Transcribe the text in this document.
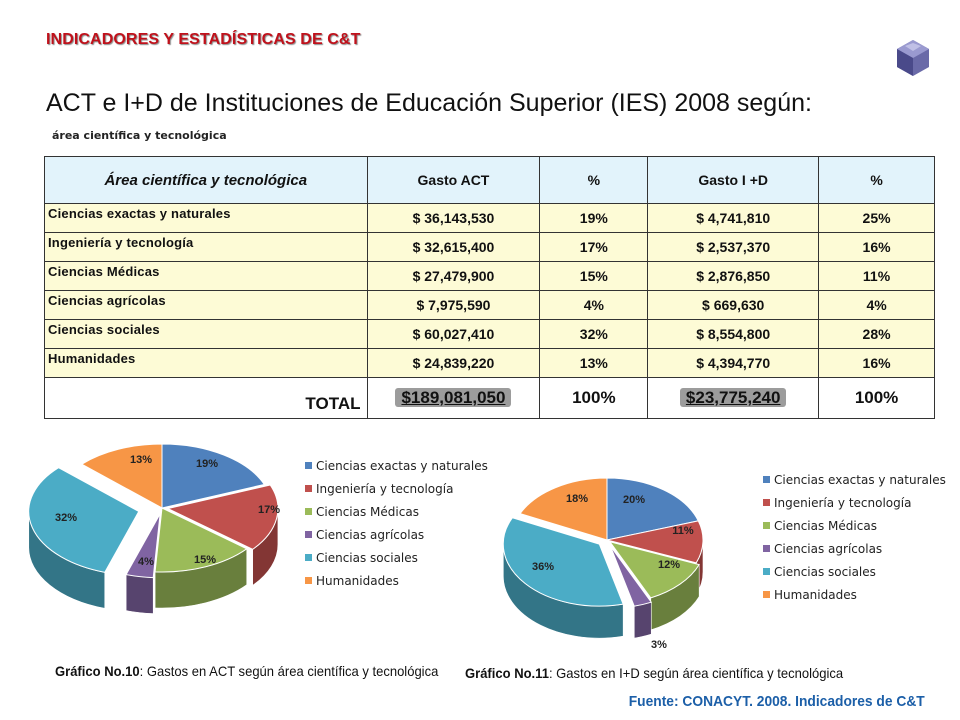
INDICADORES Y ESTADÍSTICAS DE C&T
ACT e I+D de Instituciones de Educación Superior (IES) 2008 según:
área científica y tecnológica
Área científica y tecnológica	Gasto ACT	%	Gasto I +D	%
Ciencias exactas y naturales	$ 36,143,530	19%	$ 4,741,810	25%
Ingeniería y tecnología	$ 32,615,400	17%	$ 2,537,370	16%
Ciencias Médicas	$ 27,479,900	15%	$ 2,876,850	11%
Ciencias agrícolas	$ 7,975,590	4%	$ 669,630	4%
Ciencias sociales	$ 60,027,410	32%	$ 8,554,800	28%
Humanidades	$ 24,839,220	13%	$ 4,394,770	16%
TOTAL	$189,081,050	100%	$23,775,240	100%
19%
17%
15%
4%
32%
13%	Ciencias exactas y naturales
Ingeniería y tecnología
Ciencias Médicas
Ciencias agrícolas
Ciencias sociales
Humanidades
20%
11%
12%
3%
36%
18%
Ciencias exactas y naturales
Ingeniería y tecnología
Ciencias Médicas
Ciencias agrícolas
Ciencias sociales
Humanidades
Gráfico No.10: Gastos en ACT según área científica y tecnológica Gráfico No.11: Gastos en I+D según área científica y tecnológica
Fuente: CONACYT. 2008. Indicadores de C&T
